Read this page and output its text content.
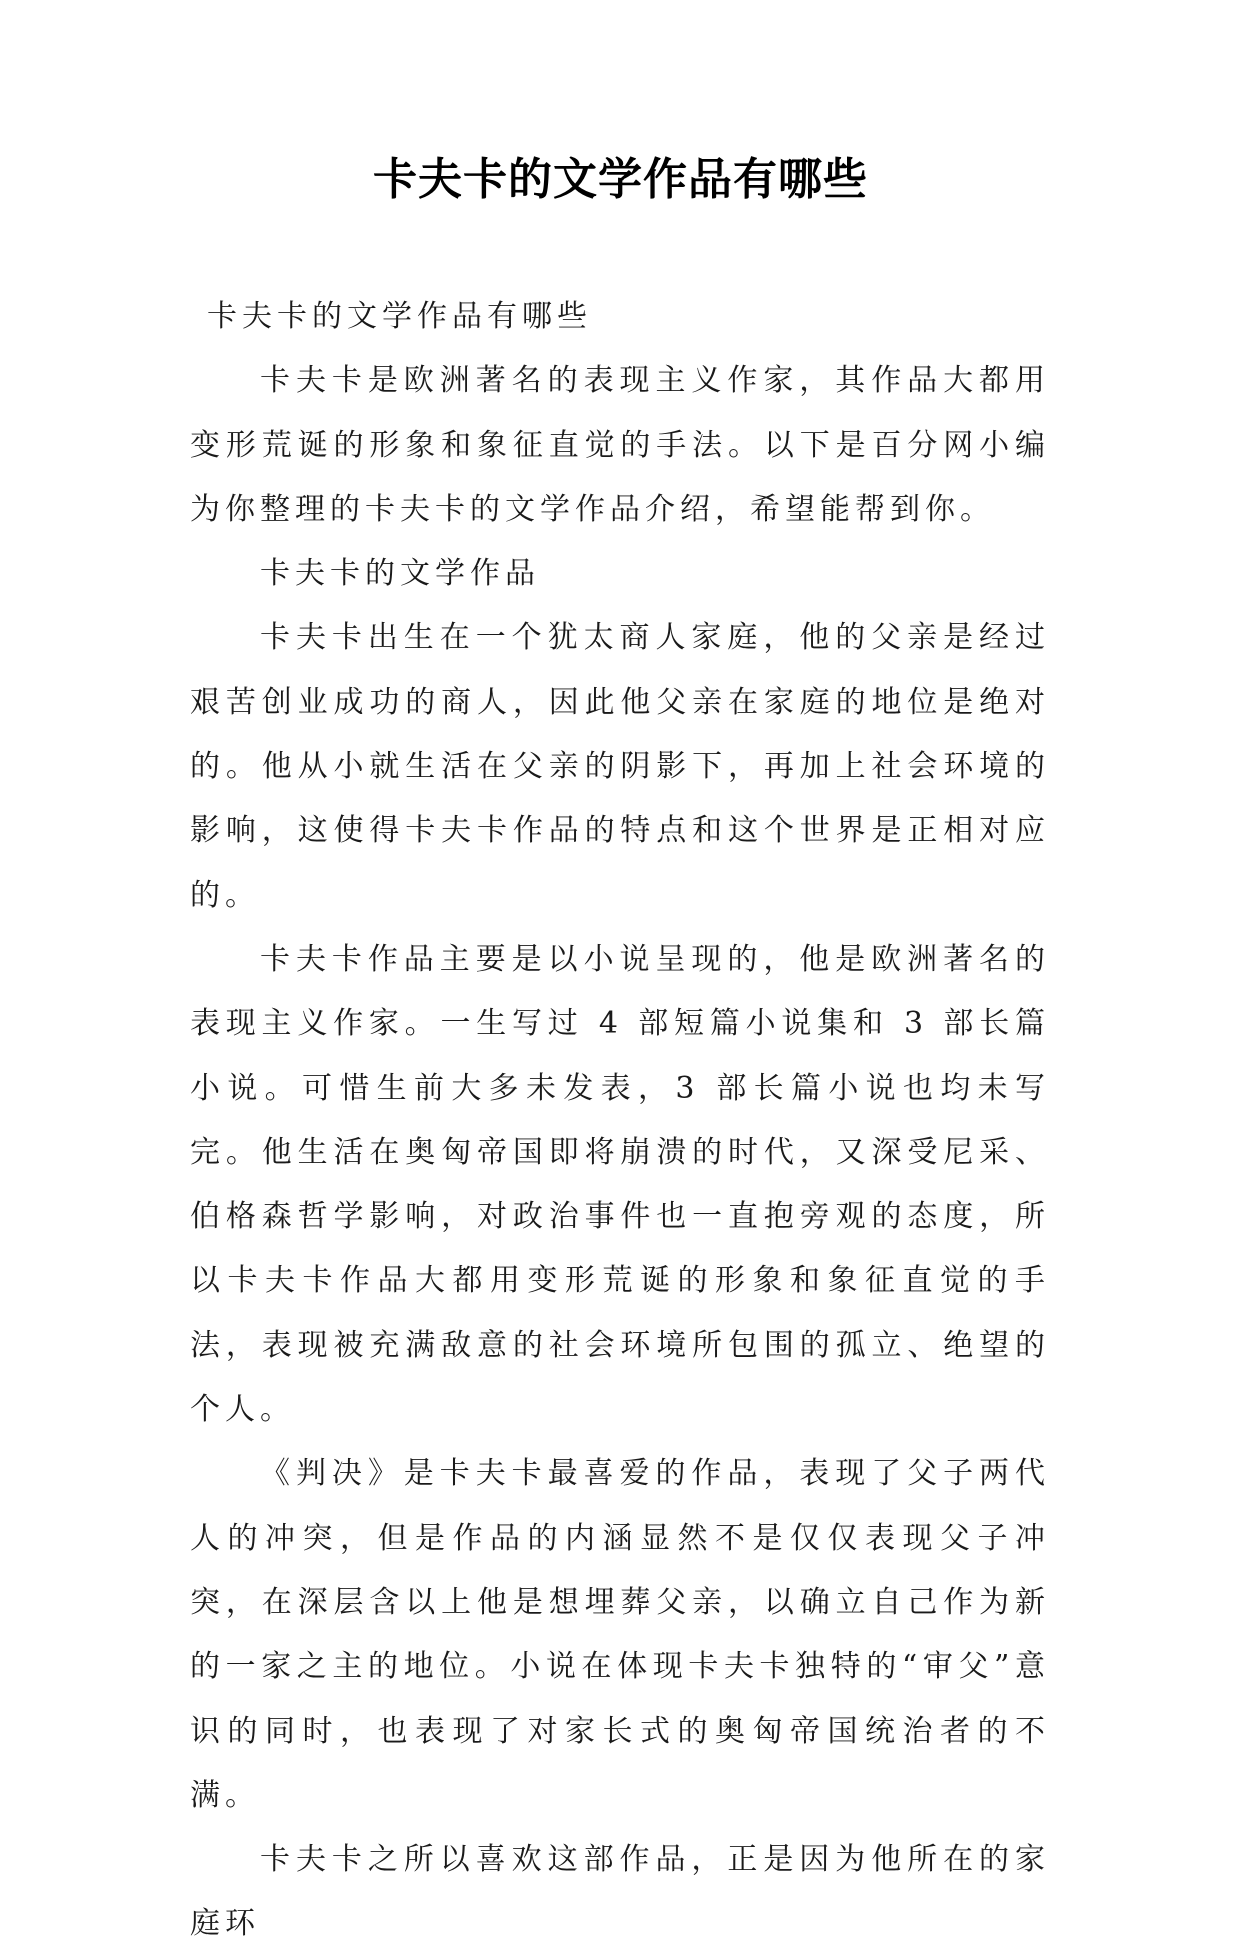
卡夫卡的文学作品有哪些

卡夫卡的文学作品有哪些

卡夫卡是欧洲著名的表现主义作家，其作品大都用变形荒诞的形象和象征直觉的手法。以下是百分网小编为你整理的卡夫卡的文学作品介绍，希望能帮到你。

卡夫卡的文学作品

卡夫卡出生在一个犹太商人家庭，他的父亲是经过艰苦创业成功的商人，因此他父亲在家庭的地位是绝对的。他从小就生活在父亲的阴影下，再加上社会环境的影响，这使得卡夫卡作品的特点和这个世界是正相对应的。

卡夫卡作品主要是以小说呈现的，他是欧洲著名的表现主义作家。一生写过 4 部短篇小说集和 3 部长篇小说。可惜生前大多未发表，3 部长篇小说也均未写完。他生活在奥匈帝国即将崩溃的时代，又深受尼采、伯格森哲学影响，对政治事件也一直抱旁观的态度，所以卡夫卡作品大都用变形荒诞的形象和象征直觉的手法，表现被充满敌意的社会环境所包围的孤立、绝望的个人。

《判决》是卡夫卡最喜爱的作品，表现了父子两代人的冲突，但是作品的内涵显然不是仅仅表现父子冲突，在深层含以上他是想埋葬父亲，以确立自己作为新的一家之主的地位。小说在体现卡夫卡独特的“审父”意识的同时，也表现了对家长式的奥匈帝国统治者的不满。

卡夫卡之所以喜欢这部作品，正是因为他所在的家庭环
